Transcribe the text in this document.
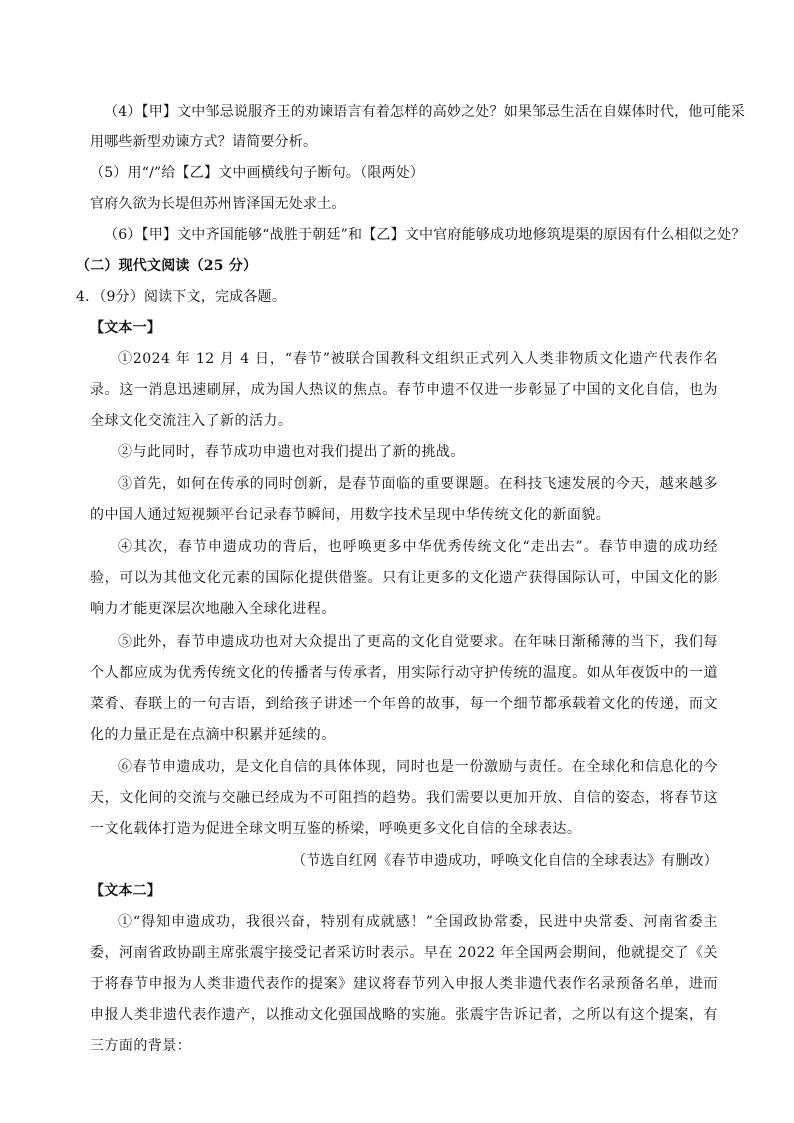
（4）【甲】文中邹忌说服齐王的劝谏语言有着怎样的高妙之处？如果邹忌生活在自媒体时代，他可能采
用哪些新型劝谏方式？请简要分析。
（5）用“/”给【乙】文中画横线句子断句。（限两处）
官府久欲为长堤但苏州皆泽国无处求土。
（6）【甲】文中齐国能够“战胜于朝廷”和【乙】文中官府能够成功地修筑堤渠的原因有什么相似之处？
（二）现代文阅读（25 分）
4．（9分）阅读下文，完成各题。
【文本一】
①2024 年 12 月 4 日，“春节”被联合国教科文组织正式列入人类非物质文化遗产代表作名录。这一消息迅速刷屏，成为国人热议的焦点。春节申遗不仅进一步彰显了中国的文化自信，也为全球文化交流注入了新的活力。
②与此同时，春节成功申遗也对我们提出了新的挑战。
③首先，如何在传承的同时创新，是春节面临的重要课题。在科技飞速发展的今天，越来越多的中国人通过短视频平台记录春节瞬间，用数字技术呈现中华传统文化的新面貌。
④其次，春节申遗成功的背后，也呼唤更多中华优秀传统文化“走出去”。春节申遗的成功经验，可以为其他文化元素的国际化提供借鉴。只有让更多的文化遗产获得国际认可，中国文化的影响力才能更深层次地融入全球化进程。
⑤此外，春节申遗成功也对大众提出了更高的文化自觉要求。在年味日渐稀薄的当下，我们每个人都应成为优秀传统文化的传播者与传承者，用实际行动守护传统的温度。如从年夜饭中的一道菜肴、春联上的一句吉语，到给孩子讲述一个年兽的故事，每一个细节都承载着文化的传递，而文化的力量正是在点滴中积累并延续的。
⑥春节申遗成功，是文化自信的具体体现，同时也是一份激励与责任。在全球化和信息化的今天，文化间的交流与交融已经成为不可阻挡的趋势。我们需要以更加开放、自信的姿态，将春节这一文化载体打造为促进全球文明互鉴的桥梁，呼唤更多文化自信的全球表达。
（节选自红网《春节申遗成功，呼唤文化自信的全球表达》有删改）
【文本二】
①“得知申遗成功，我很兴奋，特别有成就感！”全国政协常委，民进中央常委、河南省委主委，河南省政协副主席张震宇接受记者采访时表示。早在 2022 年全国两会期间，他就提交了《关于将春节申报为人类非遗代表作的提案》建议将春节列入申报人类非遗代表作名录预备名单，进而申报人类非遗代表作遗产，以推动文化强国战略的实施。张震宇告诉记者，之所以有这个提案，有三方面的背景：
